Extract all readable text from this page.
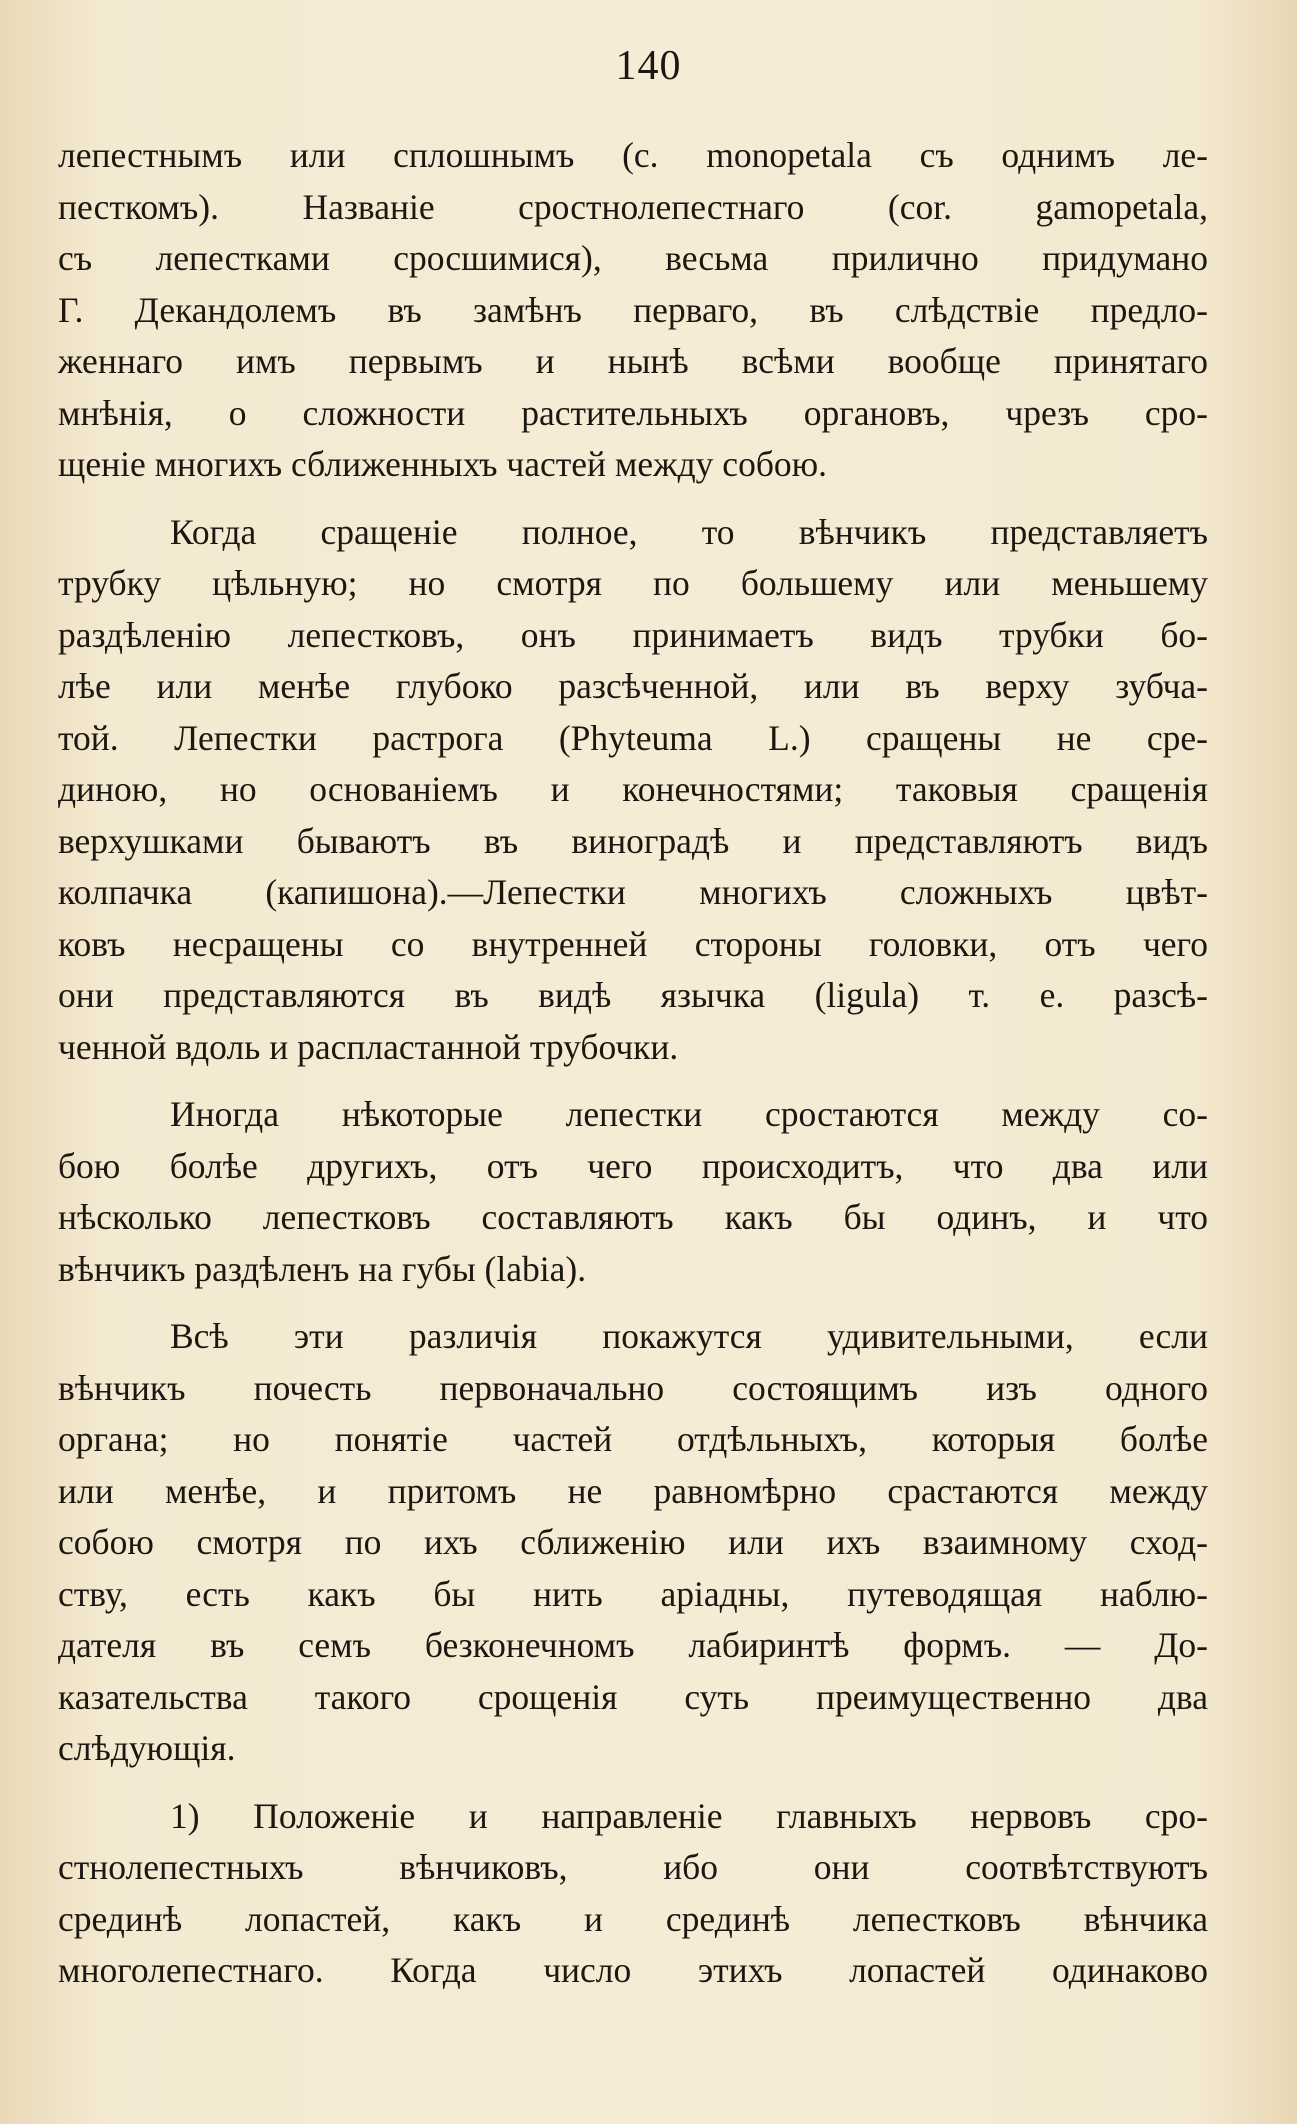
140
лепестнымъ или сплошнымъ (с. monopetala съ однимъ ле-
песткомъ). Названіе сростнолепестнаго (cor. gamopetala,
съ лепестками сросшимися), весьма прилично придумано
Г. Декандолемъ въ замѣнъ перваго, въ слѣдствіе предло-
женнаго имъ первымъ и нынѣ всѣми вообще принятаго
мнѣнія, о сложности растительныхъ органовъ, чрезъ сро-
щеніе многихъ сближенныхъ частей между собою.
Когда сращеніе полное, то вѣнчикъ представляетъ
трубку цѣльную; но смотря по большему или меньшему
раздѣленію лепестковъ, онъ принимаетъ видъ трубки бо-
лѣе или менѣе глубоко разсѣченной, или въ верху зубча-
той. Лепестки растрога (Phyteuma L.) сращены не сре-
диною, но основаніемъ и конечностями; таковыя сращенія
верхушками бываютъ въ виноградѣ и представляютъ видъ
колпачка (капишона).—Лепестки многихъ сложныхъ цвѣт-
ковъ несращены со внутренней стороны головки, отъ чего
они представляются въ видѣ язычка (ligula) т. е. разсѣ-
ченной вдоль и распластанной трубочки.
Иногда нѣкоторые лепестки сростаются между со-
бою болѣе другихъ, отъ чего происходитъ, что два или
нѣсколько лепестковъ составляютъ какъ бы одинъ, и что
вѣнчикъ раздѣленъ на губы (labia).
Всѣ эти различія покажутся удивительными, если
вѣнчикъ почесть первоначально состоящимъ изъ одного
органа; но понятіе частей отдѣльныхъ, которыя болѣе
или менѣе, и притомъ не равномѣрно срастаются между
собою смотря по ихъ сближенію или ихъ взаимному сход-
ству, есть какъ бы нить аріадны, путеводящая наблю-
дателя въ семъ безконечномъ лабиринтѣ формъ. — До-
казательства такого срощенія суть преимущественно два
слѣдующія.
1) Положеніе и направленіе главныхъ нервовъ сро-
стнолепестныхъ вѣнчиковъ, ибо они соотвѣтствуютъ
срединѣ лопастей, какъ и срединѣ лепестковъ вѣнчика
многолепестнаго. Когда число этихъ лопастей одинаково
